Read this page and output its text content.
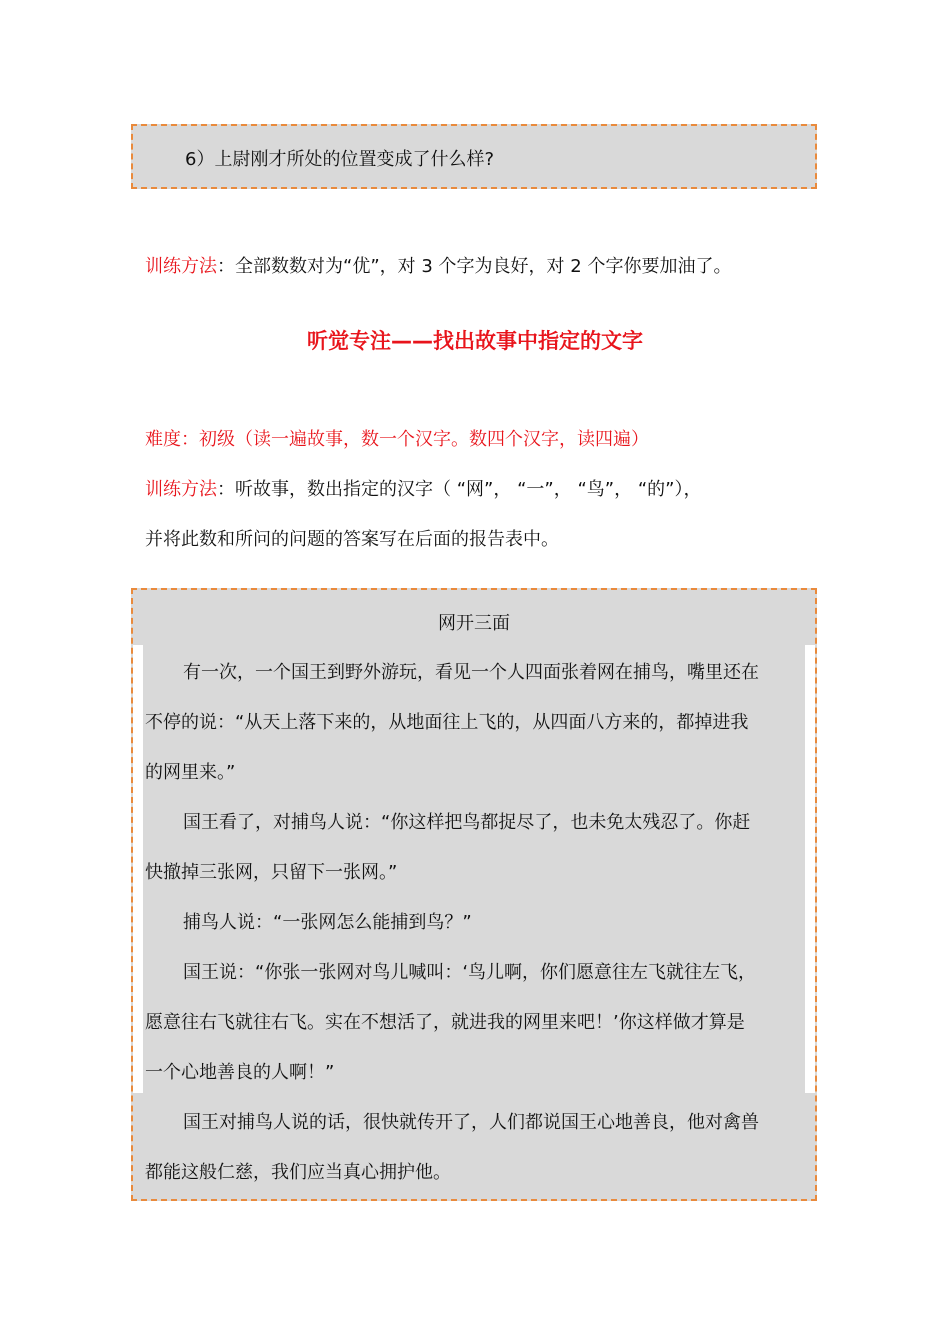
6）上尉刚才所处的位置变成了什么样?
训练方法：全部数数对为“优”，对 3 个字为良好，对 2 个字你要加油了。
听觉专注——找出故事中指定的文字
难度：初级（读一遍故事，数一个汉字。数四个汉字，读四遍）
训练方法：听故事，数出指定的汉字（ “网”， “一”， “鸟”， “的”），
并将此数和所问的问题的答案写在后面的报告表中。
网开三面
有一次，一个国王到野外游玩，看见一个人四面张着网在捕鸟，嘴里还在
不停的说：“从天上落下来的，从地面往上飞的，从四面八方来的，都掉进我
的网里来。”
国王看了，对捕鸟人说：“你这样把鸟都捉尽了，也未免太残忍了。你赶
快撤掉三张网，只留下一张网。”
捕鸟人说：“一张网怎么能捕到鸟？”
国王说：“你张一张网对鸟儿喊叫：‘鸟儿啊，你们愿意往左飞就往左飞，
愿意往右飞就往右飞。实在不想活了，就进我的网里来吧！’你这样做才算是
一个心地善良的人啊！”
国王对捕鸟人说的话，很快就传开了，人们都说国王心地善良，他对禽兽
都能这般仁慈，我们应当真心拥护他。
